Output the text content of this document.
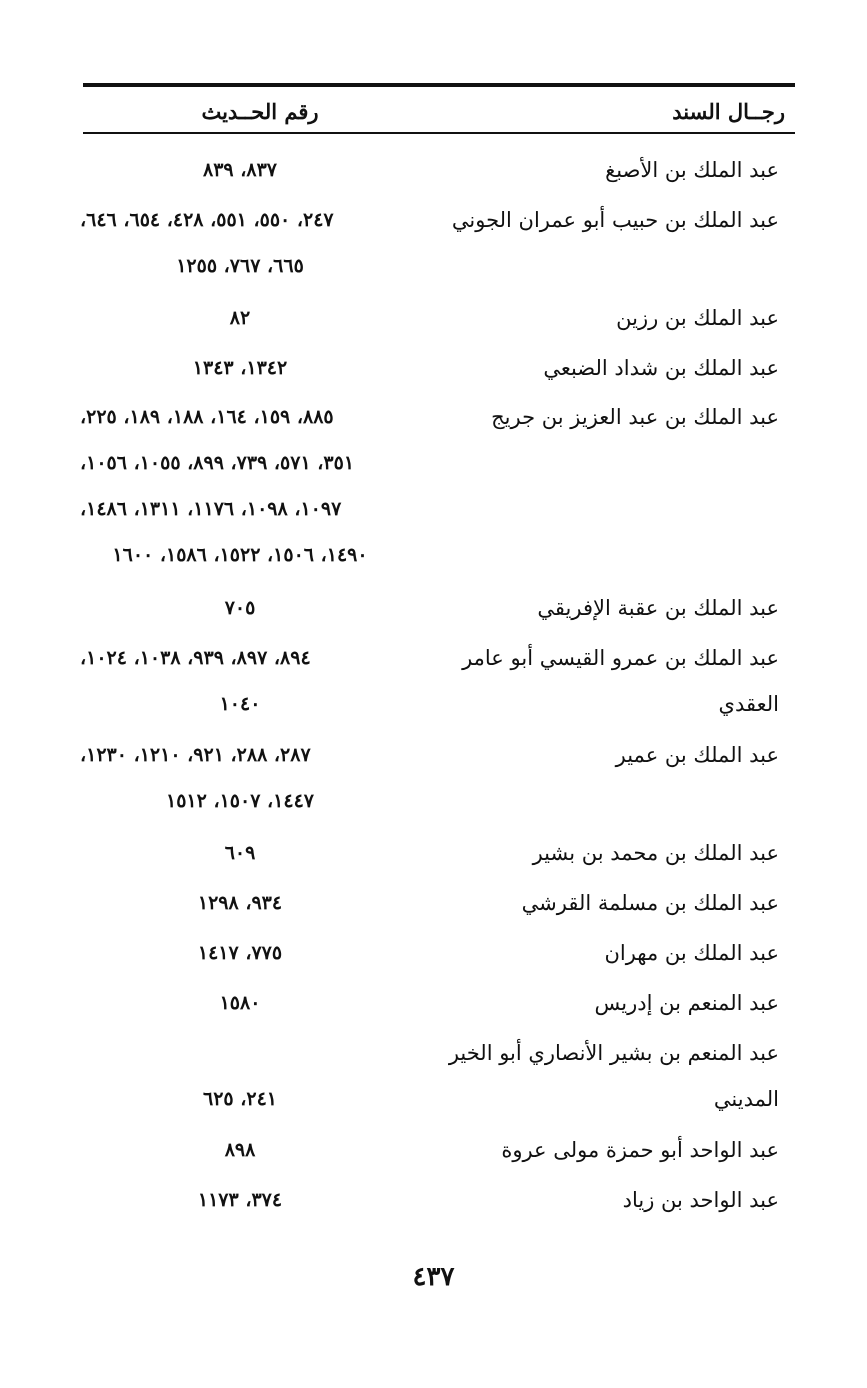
رجــال السند
رقم الحــديث
عبد الملك بن الأصبغ
٨٣٧، ٨٣٩
عبد الملك بن حبيب أبو عمران الجوني
٢٤٧، ٥٥٠، ٥٥١، ٤٢٨، ٦٥٤، ٦٤٦،
٦٦٥، ٧٦٧، ١٢٥٥
عبد الملك بن رزين
٨٢
عبد الملك بن شداد الضبعي
١٣٤٢، ١٣٤٣
عبد الملك بن عبد العزيز بن جريج
٨٨٥، ١٥٩، ١٦٤، ١٨٨، ١٨٩، ٢٢٥،
٣٥١، ٥٧١، ٧٣٩، ٨٩٩، ١٠٥٥، ١٠٥٦،
١٠٩٧، ١٠٩٨، ١١٧٦، ١٣١١، ١٤٨٦،
١٤٩٠، ١٥٠٦، ١٥٢٢، ١٥٨٦، ١٦٠٠
عبد الملك بن عقبة الإفريقي
٧٠٥
عبد الملك بن عمرو القيسي أبو عامر
العقدي
٨٩٤، ٨٩٧، ٩٣٩، ١٠٣٨، ١٠٢٤،
١٠٤٠
عبد الملك بن عمير
٢٨٧، ٢٨٨، ٩٢١، ١٢١٠، ١٢٣٠،
١٤٤٧، ١٥٠٧، ١٥١٢
عبد الملك بن محمد بن بشير
٦٠٩
عبد الملك بن مسلمة القرشي
٩٣٤، ١٢٩٨
عبد الملك بن مهران
٧٧٥، ١٤١٧
عبد المنعم بن إدريس
١٥٨٠
عبد المنعم بن بشير الأنصاري أبو الخير
المديني
٢٤١، ٦٢٥
عبد الواحد أبو حمزة مولى عروة
٨٩٨
عبد الواحد بن زياد
٣٧٤، ١١٧٣
٤٣٧
